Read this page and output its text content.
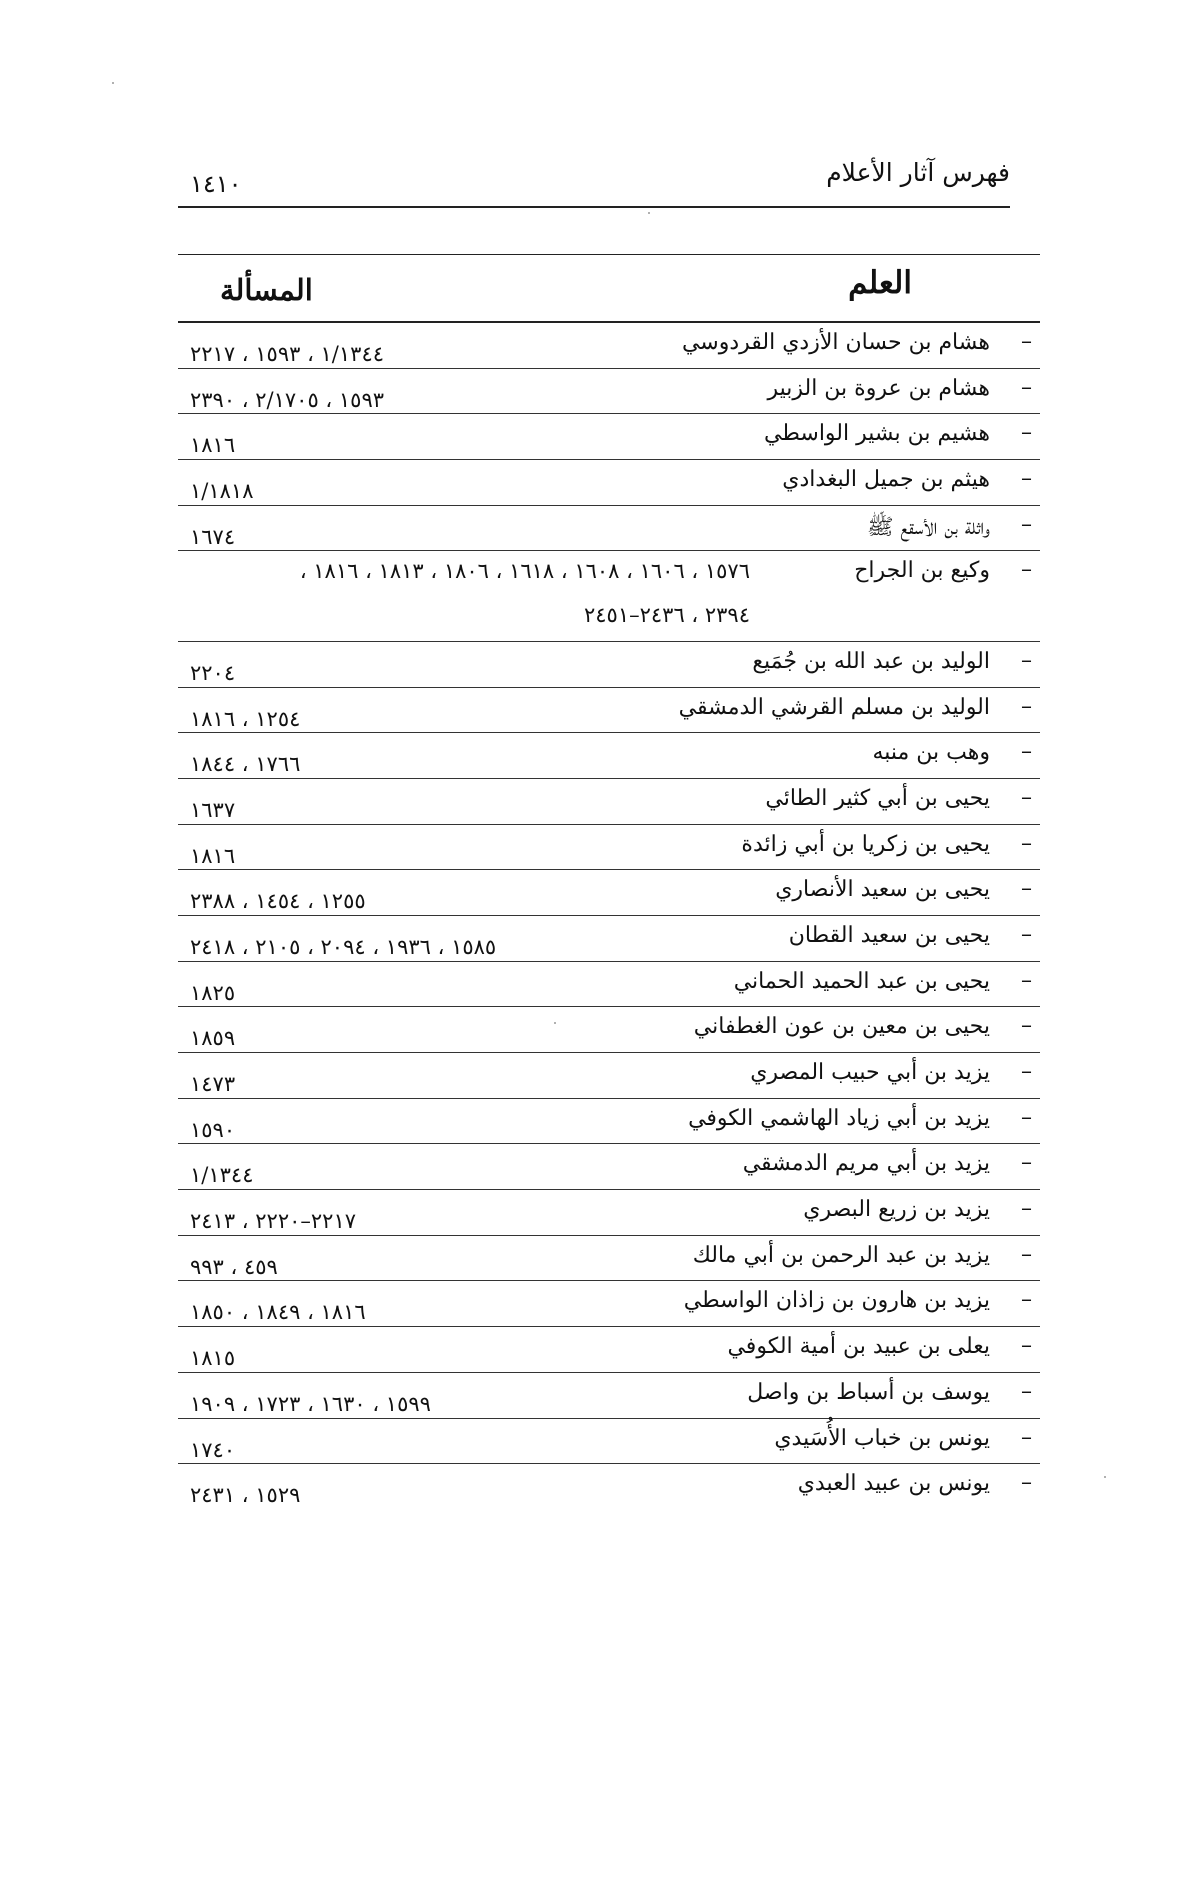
فهرس آثار الأعلام
١٤١٠
العلم
المسألة
–
هشام بن حسان الأزدي القردوسي
١/١٣٤٤ ، ١٥٩٣ ، ٢٢١٧
–
هشام بن عروة بن الزبير
١٥٩٣ ، ٢/١٧٠٥ ، ٢٣٩٠
–
هشيم بن بشير الواسطي
١٨١٦
–
هيثم بن جميل البغدادي
١/١٨١٨
–
واثلة بن الأسقع ﷺ
١٦٧٤
–
وكيع بن الجراح
١٥٧٦ ، ١٦٠٦ ، ١٦٠٨ ، ١٦١٨ ، ١٨٠٦ ، ١٨١٣ ، ١٨١٦ ،
٢٣٩٤ ، ٢٤٣٦–٢٤٥١
–
الوليد بن عبد الله بن جُمَيع
٢٢٠٤
–
الوليد بن مسلم القرشي الدمشقي
١٢٥٤ ، ١٨١٦
–
وهب بن منبه
١٧٦٦ ، ١٨٤٤
–
يحيى بن أبي كثير الطائي
١٦٣٧
–
يحيى بن زكريا بن أبي زائدة
١٨١٦
–
يحيى بن سعيد الأنصاري
١٢٥٥ ، ١٤٥٤ ، ٢٣٨٨
–
يحيى بن سعيد القطان
١٥٨٥ ، ١٩٣٦ ، ٢٠٩٤ ، ٢١٠٥ ، ٢٤١٨
–
يحيى بن عبد الحميد الحماني
١٨٢٥
–
يحيى بن معين بن عون الغطفاني
١٨٥٩
–
يزيد بن أبي حبيب المصري
١٤٧٣
–
يزيد بن أبي زياد الهاشمي الكوفي
١٥٩٠
–
يزيد بن أبي مريم الدمشقي
١/١٣٤٤
–
يزيد بن زريع البصري
٢٢١٧–٢٢٢٠ ، ٢٤١٣
–
يزيد بن عبد الرحمن بن أبي مالك
٤٥٩ ، ٩٩٣
–
يزيد بن هارون بن زاذان الواسطي
١٨١٦ ، ١٨٤٩ ، ١٨٥٠
–
يعلى بن عبيد بن أمية الكوفي
١٨١٥
–
يوسف بن أسباط بن واصل
١٥٩٩ ، ١٦٣٠ ، ١٧٢٣ ، ١٩٠٩
–
يونس بن خباب الأُسَيدي
١٧٤٠
–
يونس بن عبيد العبدي
١٥٢٩ ، ٢٤٣١
